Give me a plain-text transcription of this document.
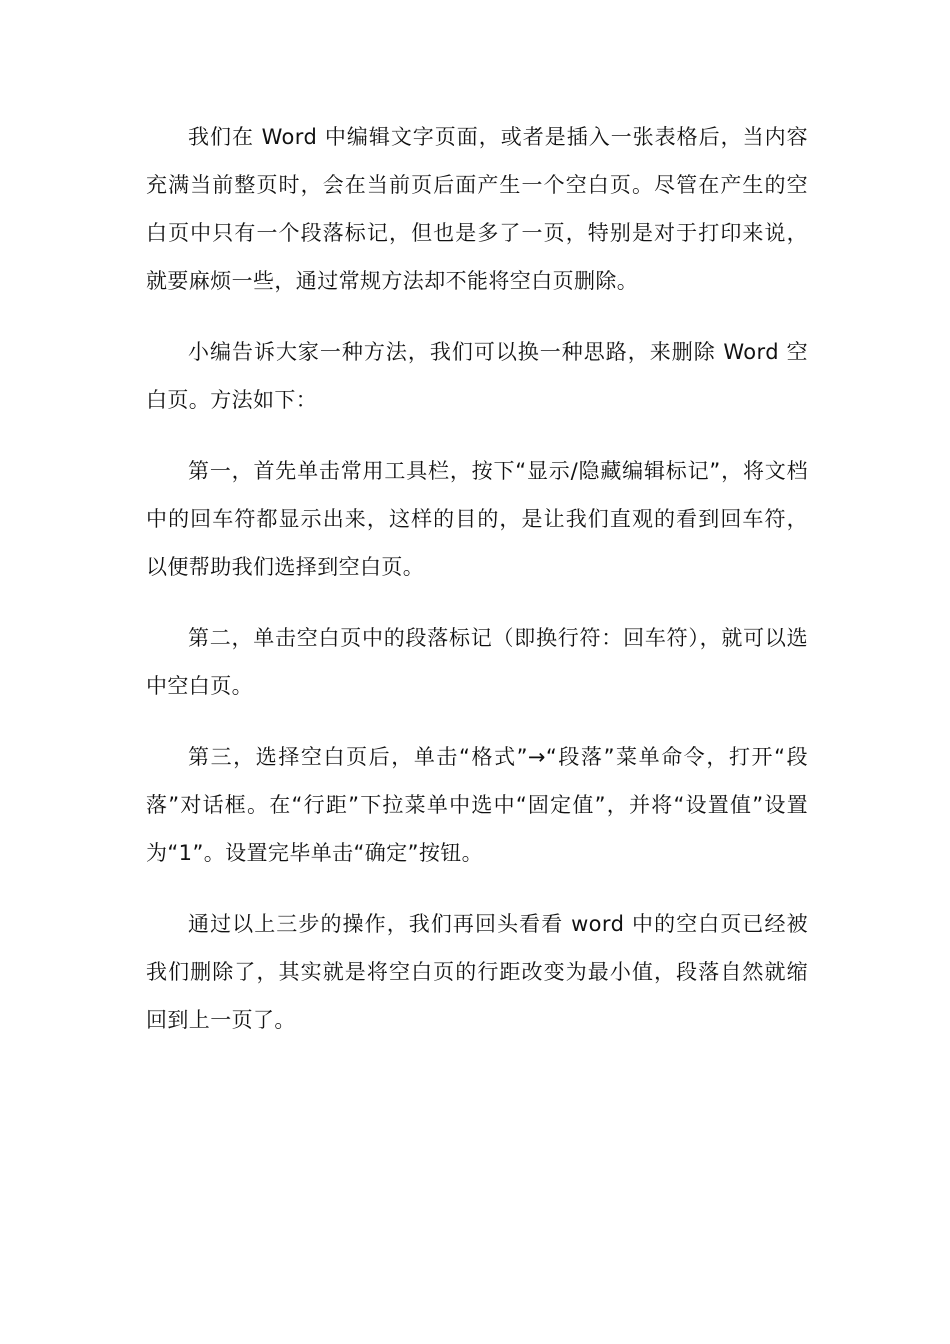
我们在 Word 中编辑文字页面，或者是插入一张表格后，当内容充满当前整页时，会在当前页后面产生一个空白页。尽管在产生的空白页中只有一个段落标记，但也是多了一页，特别是对于打印来说，就要麻烦一些，通过常规方法却不能将空白页删除。

小编告诉大家一种方法，我们可以换一种思路，来删除 Word 空白页。方法如下：

第一，首先单击常用工具栏，按下“显示/隐藏编辑标记”，将文档中的回车符都显示出来，这样的目的，是让我们直观的看到回车符，以便帮助我们选择到空白页。

第二，单击空白页中的段落标记（即换行符：回车符），就可以选中空白页。

第三，选择空白页后，单击“格式”→“段落”菜单命令，打开“段落”对话框。在“行距”下拉菜单中选中“固定值”，并将“设置值”设置为“1”。设置完毕单击“确定”按钮。

通过以上三步的操作，我们再回头看看 word 中的空白页已经被我们删除了，其实就是将空白页的行距改变为最小值，段落自然就缩回到上一页了。
